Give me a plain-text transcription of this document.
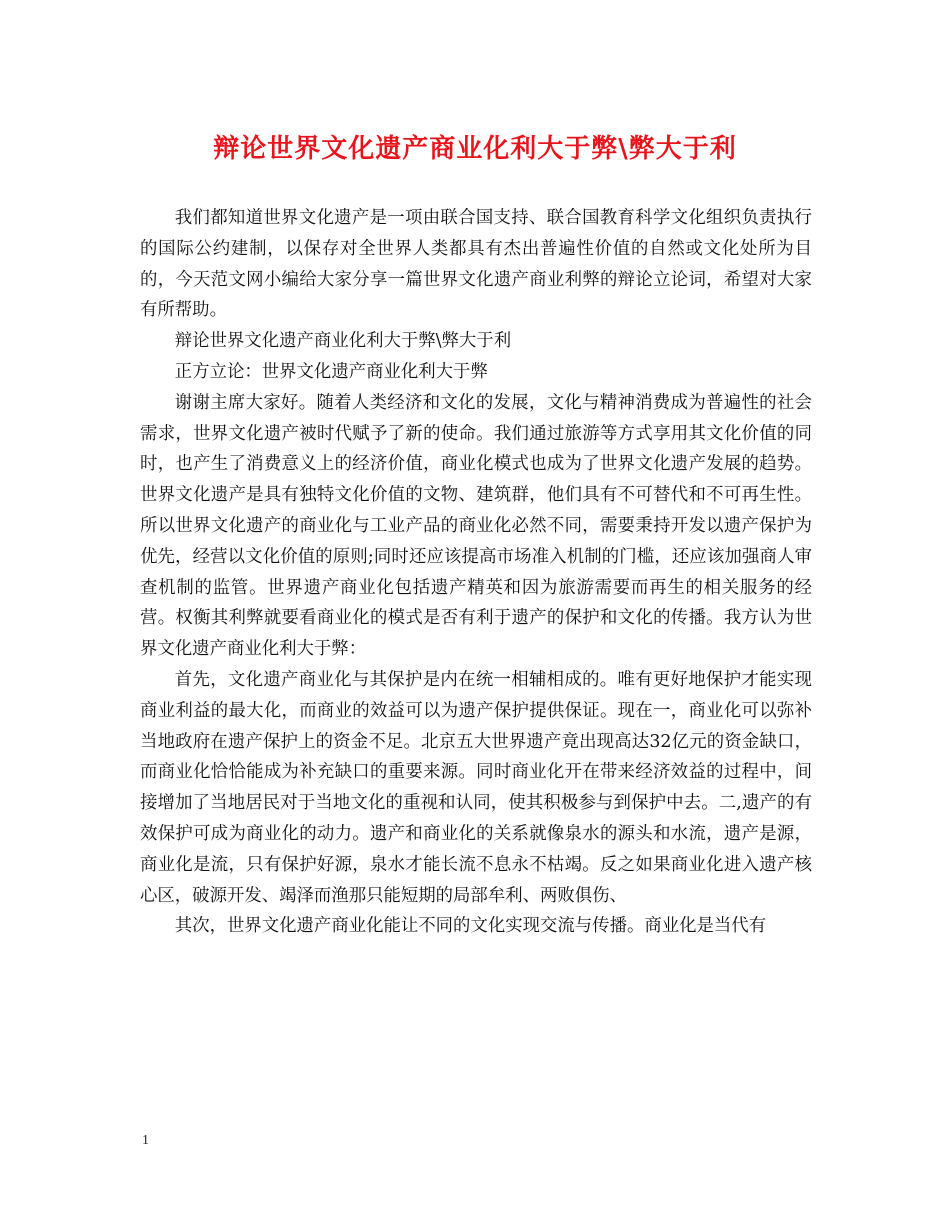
辩论世界文化遗产商业化利大于弊\弊大于利

我们都知道世界文化遗产是一项由联合国支持、联合国教育科学文化组织负责执行的国际公约建制，以保存对全世界人类都具有杰出普遍性价值的自然或文化处所为目的，今天范文网小编给大家分享一篇世界文化遗产商业利弊的辩论立论词，希望对大家有所帮助。

辩论世界文化遗产商业化利大于弊\弊大于利

正方立论：世界文化遗产商业化利大于弊

谢谢主席大家好。随着人类经济和文化的发展，文化与精神消费成为普遍性的社会需求，世界文化遗产被时代赋予了新的使命。我们通过旅游等方式享用其文化价值的同时，也产生了消费意义上的经济价值，商业化模式也成为了世界文化遗产发展的趋势。世界文化遗产是具有独特文化价值的文物、建筑群，他们具有不可替代和不可再生性。所以世界文化遗产的商业化与工业产品的商业化必然不同，需要秉持开发以遗产保护为优先，经营以文化价值的原则;同时还应该提高市场准入机制的门槛，还应该加强商人审查机制的监管。世界遗产商业化包括遗产精英和因为旅游需要而再生的相关服务的经营。权衡其利弊就要看商业化的模式是否有利于遗产的保护和文化的传播。我方认为世界文化遗产商业化利大于弊：

首先，文化遗产商业化与其保护是内在统一相辅相成的。唯有更好地保护才能实现商业利益的最大化，而商业的效益可以为遗产保护提供保证。现在一，商业化可以弥补当地政府在遗产保护上的资金不足。北京五大世界遗产竟出现高达32亿元的资金缺口，而商业化恰恰能成为补充缺口的重要来源。同时商业化开在带来经济效益的过程中，间接增加了当地居民对于当地文化的重视和认同，使其积极参与到保护中去。二,遗产的有效保护可成为商业化的动力。遗产和商业化的关系就像泉水的源头和水流，遗产是源，商业化是流，只有保护好源，泉水才能长流不息永不枯竭。反之如果商业化进入遗产核心区，破源开发、竭泽而渔那只能短期的局部牟利、两败俱伤、

其次，世界文化遗产商业化能让不同的文化实现交流与传播。商业化是当代有

1
